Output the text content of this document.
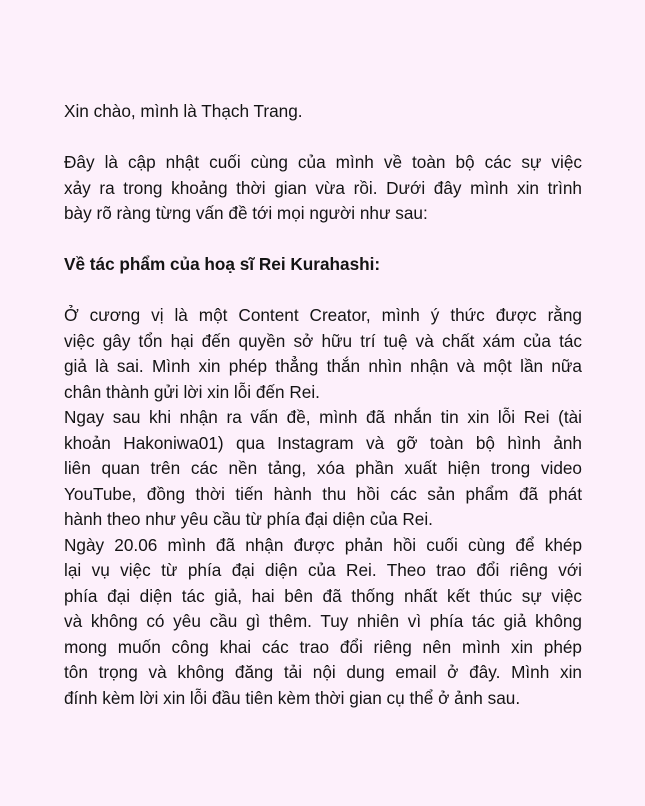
Xin chào, mình là Thạch Trang.
Đây là cập nhật cuối cùng của mình về toàn bộ các sự việc
xảy ra trong khoảng thời gian vừa rồi. Dưới đây mình xin trình
bày rõ ràng từng vấn đề tới mọi người như sau:
Về tác phẩm của hoạ sĩ Rei Kurahashi:
Ở cương vị là một Content Creator, mình ý thức được rằng
việc gây tổn hại đến quyền sở hữu trí tuệ và chất xám của tác
giả là sai. Mình xin phép thẳng thắn nhìn nhận và một lần nữa
chân thành gửi lời xin lỗi đến Rei.
Ngay sau khi nhận ra vấn đề, mình đã nhắn tin xin lỗi Rei (tài
khoản Hakoniwa01) qua Instagram và gỡ toàn bộ hình ảnh
liên quan trên các nền tảng, xóa phần xuất hiện trong video
YouTube, đồng thời tiến hành thu hồi các sản phẩm đã phát
hành theo như yêu cầu từ phía đại diện của Rei.
Ngày 20.06 mình đã nhận được phản hồi cuối cùng để khép
lại vụ việc từ phía đại diện của Rei. Theo trao đổi riêng với
phía đại diện tác giả, hai bên đã thống nhất kết thúc sự việc
và không có yêu cầu gì thêm. Tuy nhiên vì phía tác giả không
mong muốn công khai các trao đổi riêng nên mình xin phép
tôn trọng và không đăng tải nội dung email ở đây. Mình xin
đính kèm lời xin lỗi đầu tiên kèm thời gian cụ thể ở ảnh sau.
